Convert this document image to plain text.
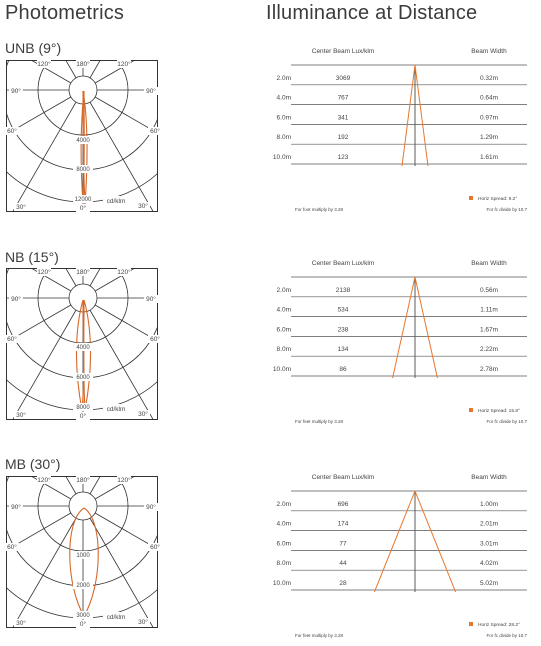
Photometrics	Illuminance at Distance
UNB (9°)
NB (15°)
MB (30°)
180°
120°	120°
90°	90°
60°	60°
30°	30°
0°
4000
8000
12000 cd/klm
180°
120°	120°
90°	90°
60°	60°
30°	30°
0°
4000
6000
8000	cd/klm
180°
120°	120°
90°	90°
60°	60°
30°	30°
0°
1000
2000
3000	cd/klm
Center Beam Lux/klm	Beam Width
2.0m	3069	0.32m
4.0m	767	0.64m
6.0m	341	0.97m
8.0m	192	1.29m
10.0m	123	1.61m
Horiz Spread: 9.2°
For foot multiply by 3.28	For fc divide by 10.7
Center Beam Lux/klm	Beam Width
2.0m	2138	0.56m
4.0m	534	1.11m
6.0m	238	1.67m
8.0m	134	2.22m
10.0m	86	2.78m
Horiz Spread: 15.8°
For feet multiply by 3.28	For fc divide by 10.7
Center Beam Lux/klm	Beam Width
2.0m	696	1.00m
4.0m	174	2.01m
6.0m	77	3.01m
8.0m	44	4.02m
10.0m	28	5.02m
Horiz Spread: 28.2°
For feet multiply by 3.28	For fc divide by 10.7
